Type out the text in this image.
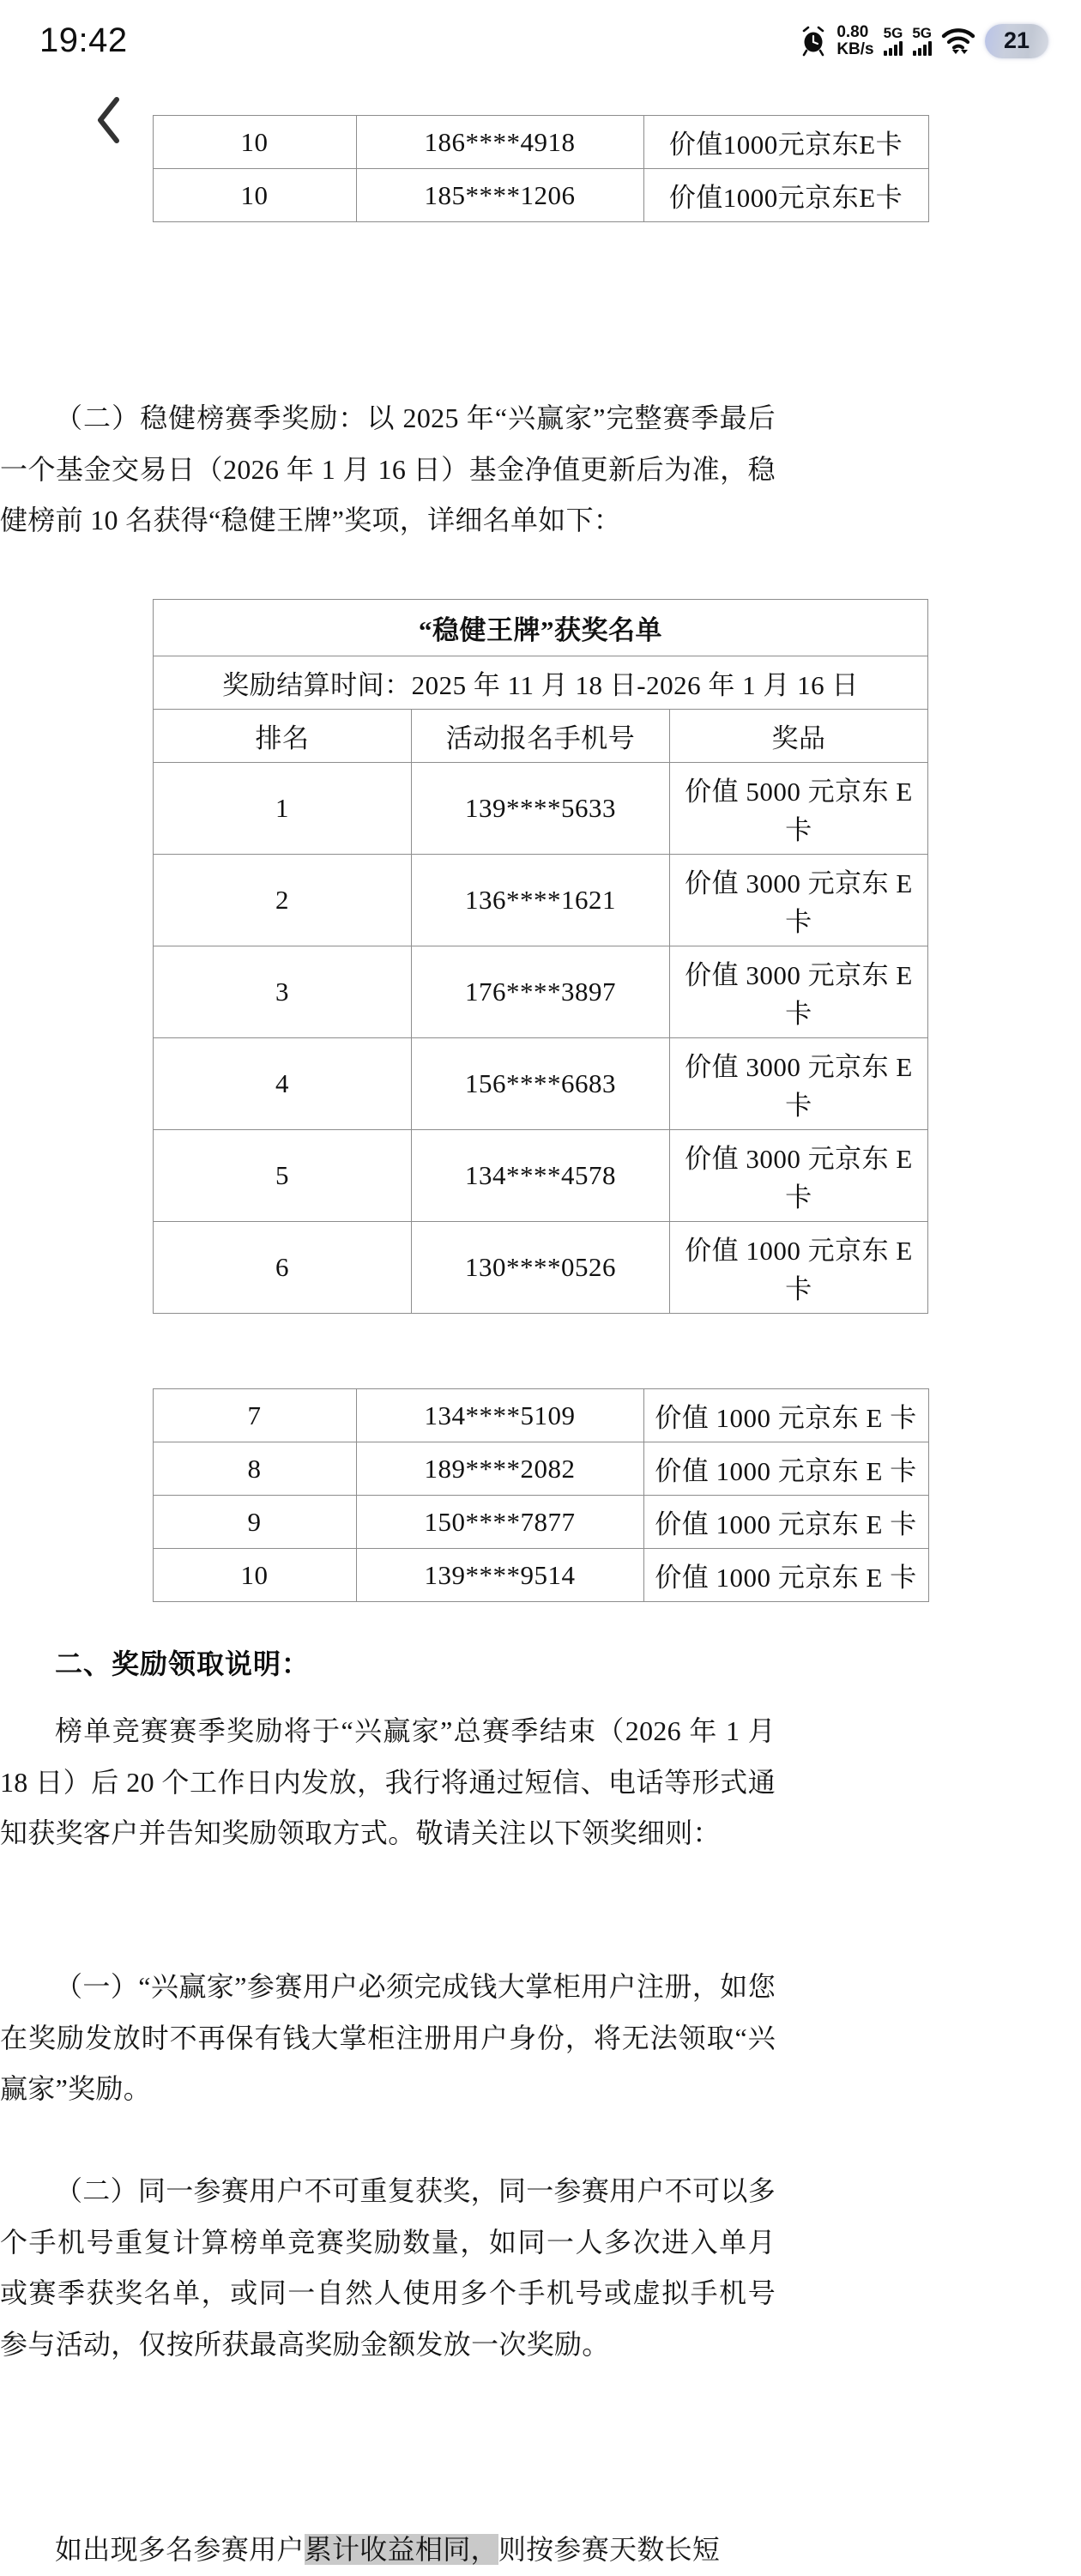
19:42	0.80
KB/s
5G 5G	21
10	186****4918	价值1000元京东E卡
10	185****1206	价值1000元京东E卡

（二）稳健榜赛季奖励：以 2025 年“兴赢家”完整赛季最后一个基金交易日（2026 年 1 月 16 日）基金净值更新后为准，稳健榜前 10 名获得“稳健王牌”奖项，详细名单如下：

“稳健王牌”获奖名单		
奖励结算时间：2025 年 11 月 18 日-2026 年 1 月 16 日		
排名	活动报名手机号	奖品
1	139****5633	价值 5000 元京东 E 卡
2	136****1621	价值 3000 元京东 E 卡
3	176****3897	价值 3000 元京东 E 卡
4	156****6683	价值 3000 元京东 E 卡
5	134****4578	价值 3000 元京东 E 卡
6	130****0526	价值 1000 元京东 E 卡
7	134****5109	价值 1000 元京东 E 卡
8	189****2082	价值 1000 元京东 E 卡
9	150****7877	价值 1000 元京东 E 卡
10	139****9514	价值 1000 元京东 E 卡
二、奖励领取说明：

榜单竞赛赛季奖励将于“兴赢家”总赛季结束（2026 年 1 月 18 日）后 20 个工作日内发放，我行将通过短信、电话等形式通知获奖客户并告知奖励领取方式。敬请关注以下领奖细则：

（一）“兴赢家”参赛用户必须完成钱大掌柜用户注册，如您在奖励发放时不再保有钱大掌柜注册用户身份，将无法领取“兴赢家”奖励。

（二）同一参赛用户不可重复获奖，同一参赛用户不可以多个手机号重复计算榜单竞赛奖励数量，如同一人多次进入单月或赛季获奖名单，或同一自然人使用多个手机号或虚拟手机号参与活动，仅按所获最高奖励金额发放一次奖励。

如出现多名参赛用户累计收益相同，则按参赛天数长短
